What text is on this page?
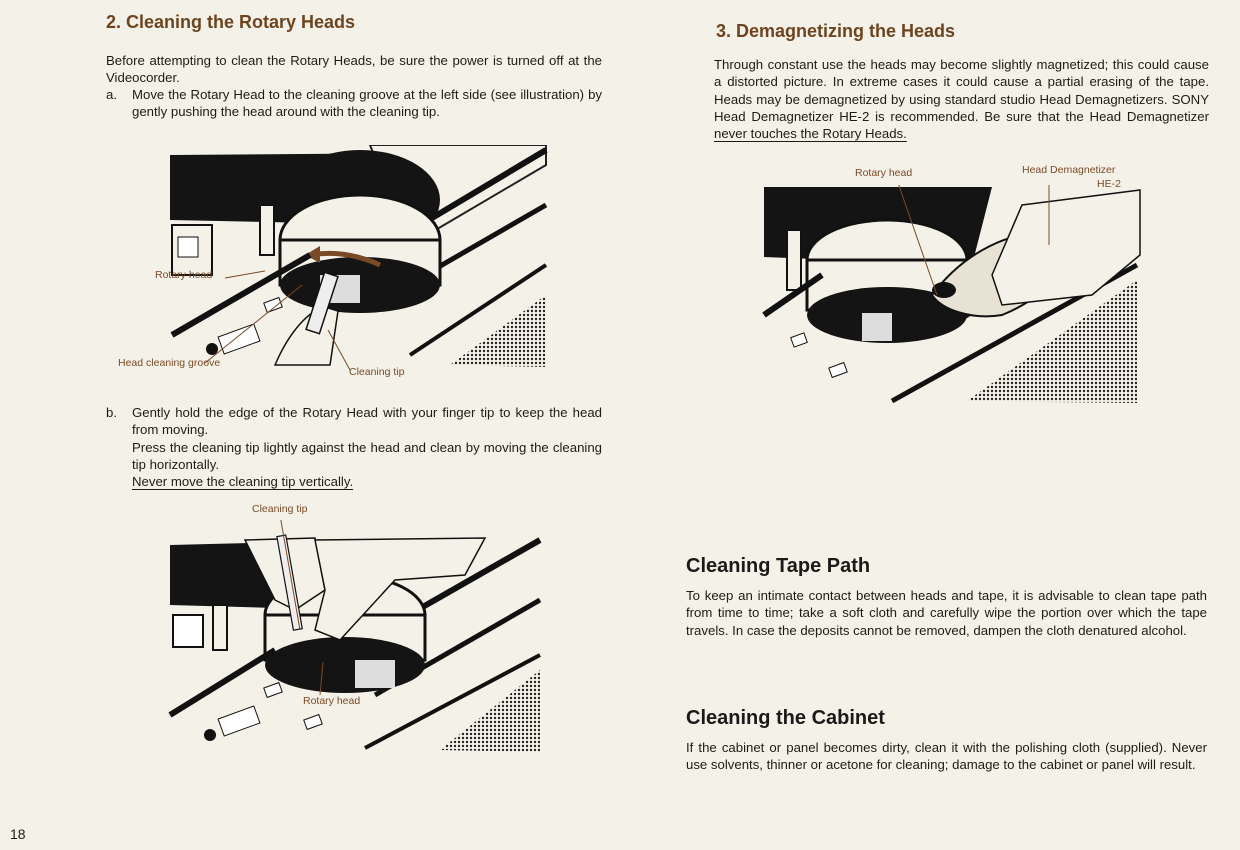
2. Cleaning the Rotary Heads

Before attempting to clean the Rotary Heads, be sure the power is turned off at the Videocorder.

a. Move the Rotary Head to the cleaning groove at the left side (see illustration) by gently pushing the head around with the cleaning tip.
Rotary head
Head cleaning groove
Cleaning tip
b. Gently hold the edge of the Rotary Head with your finger tip to keep the head from moving.
Press the cleaning tip lightly against the head and clean by moving the cleaning tip horizontally.
Never move the cleaning tip vertically.
Cleaning tip
Rotary head
18
3. Demagnetizing the Heads

Through constant use the heads may become slightly magnetized; this could cause a distorted picture. In extreme cases it could cause a partial erasing of the tape. Heads may be demagnetized by using standard studio Head Demagnetizers. SONY Head Demagnetizer HE-2 is recommended. Be sure that the Head Demagnetizer never touches the Rotary Heads.

Rotary head	Head Demagnetizer
HE-2
Cleaning Tape Path

To keep an intimate contact between heads and tape, it is advisable to clean tape path from time to time; take a soft cloth and carefully wipe the portion over which the tape travels. In case the deposits cannot be removed, dampen the cloth denatured alcohol.

Cleaning the Cabinet

If the cabinet or panel becomes dirty, clean it with the polishing cloth (supplied). Never use solvents, thinner or acetone for cleaning; damage to the cabinet or panel will result.
